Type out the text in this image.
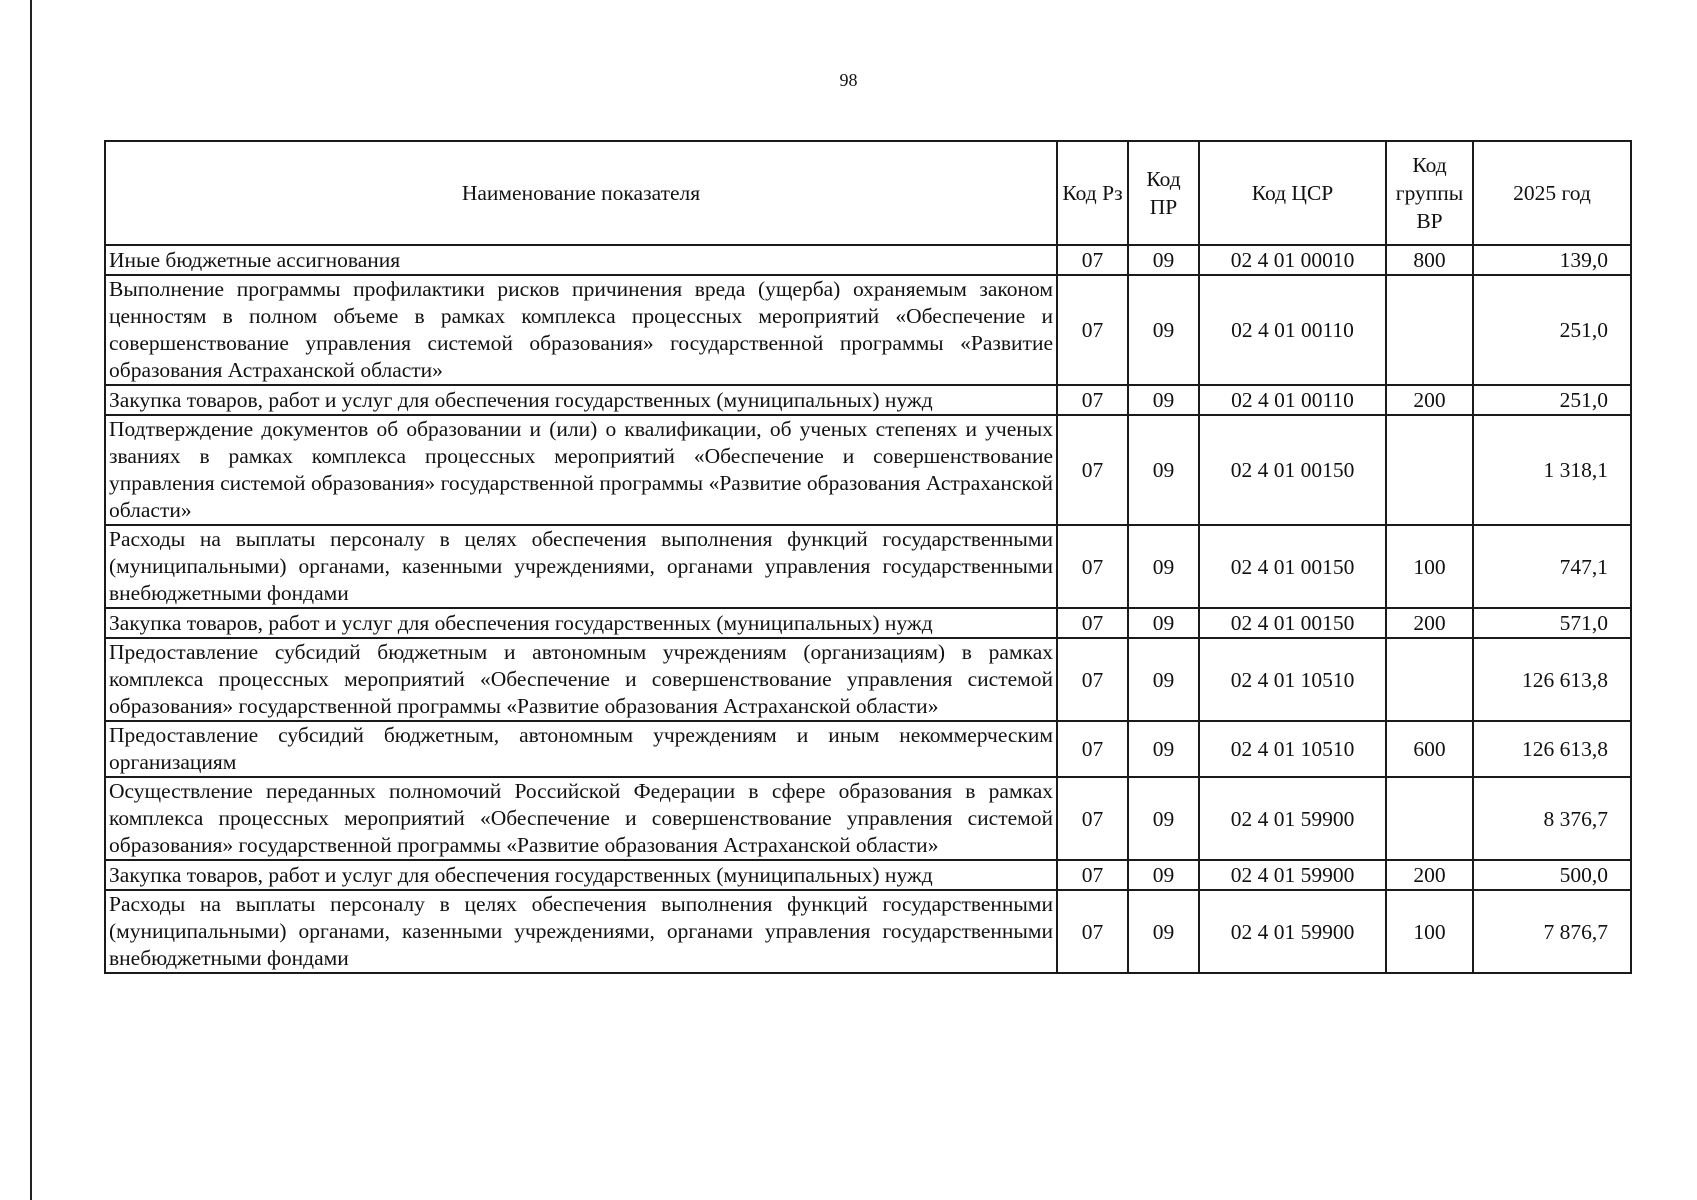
98
Наименование показателя	Код Рз	Код ПР	Код ЦСР	Код группы ВР	2025 год
Иные бюджетные ассигнования	07	09	02 4 01 00010	800	139,0
Выполнение программы профилактики рисков причинения вреда (ущерба) охраняемым законом ценностям в полном объеме в рамках комплекса процессных мероприятий «Обеспечение и совершенствование управления системой образования» государственной программы «Развитие образования Астраханской области»	07	09	02 4 01 00110		251,0
Закупка товаров, работ и услуг для обеспечения государственных (муниципальных) нужд	07	09	02 4 01 00110	200	251,0
Подтверждение документов об образовании и (или) о квалификации, об ученых степенях и ученых званиях в рамках комплекса процессных мероприятий «Обеспечение и совершенствование управления системой образования» государственной программы «Развитие образования Астраханской области»	07	09	02 4 01 00150		1 318,1
Расходы на выплаты персоналу в целях обеспечения выполнения функций государственными (муниципальными) органами, казенными учреждениями, органами управления государственными внебюджетными фондами	07	09	02 4 01 00150	100	747,1
Закупка товаров, работ и услуг для обеспечения государственных (муниципальных) нужд	07	09	02 4 01 00150	200	571,0
Предоставление субсидий бюджетным и автономным учреждениям (организациям) в рамках комплекса процессных мероприятий «Обеспечение и совершенствование управления системой образования» государственной программы «Развитие образования Астраханской области»	07	09	02 4 01 10510		126 613,8
Предоставление субсидий бюджетным, автономным учреждениям и иным некоммерческим организациям	07	09	02 4 01 10510	600	126 613,8
Осуществление переданных полномочий Российской Федерации в сфере образования в рамках комплекса процессных мероприятий «Обеспечение и совершенствование управления системой образования» государственной программы «Развитие образования Астраханской области»	07	09	02 4 01 59900		8 376,7
Закупка товаров, работ и услуг для обеспечения государственных (муниципальных) нужд	07	09	02 4 01 59900	200	500,0
Расходы на выплаты персоналу в целях обеспечения выполнения функций государственными (муниципальными) органами, казенными учреждениями, органами управления государственными внебюджетными фондами	07	09	02 4 01 59900	100	7 876,7
